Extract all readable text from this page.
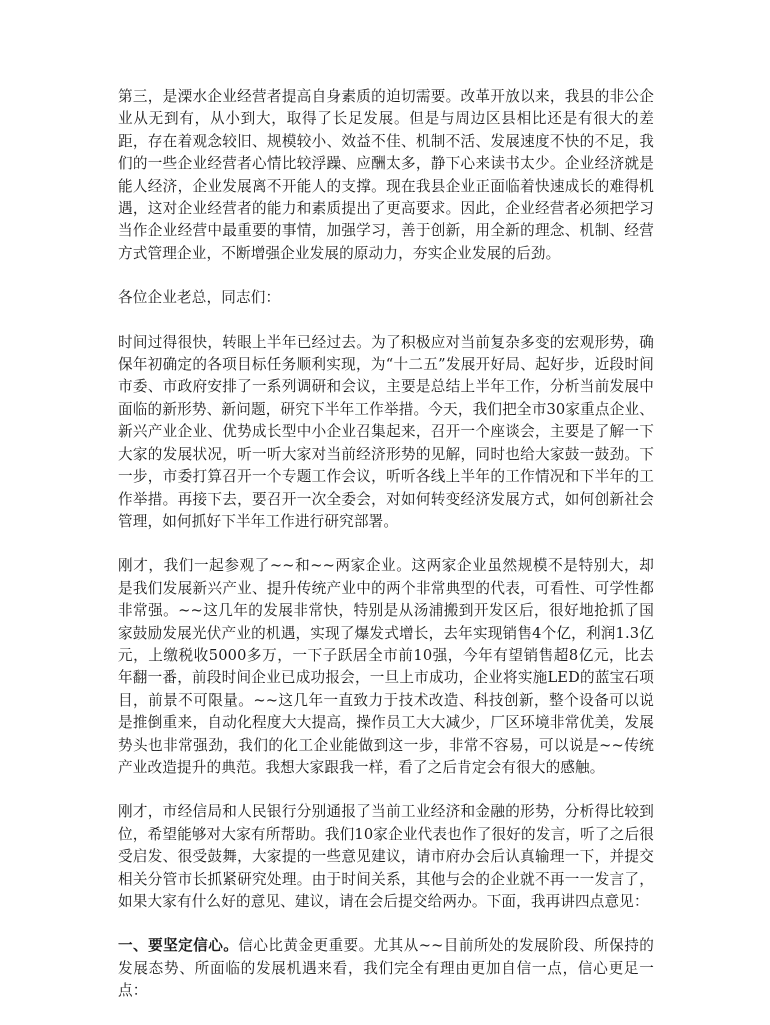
第三，是溧水企业经营者提高自身素质的迫切需要。改革开放以来，我县的非公企业从无到有，从小到大，取得了长足发展。但是与周边区县相比还是有很大的差距，存在着观念较旧、规模较小、效益不佳、机制不活、发展速度不快的不足，我们的一些企业经营者心情比较浮躁、应酬太多，静下心来读书太少。企业经济就是能人经济，企业发展离不开能人的支撑。现在我县企业正面临着快速成长的难得机遇，这对企业经营者的能力和素质提出了更高要求。因此，企业经营者必须把学习当作企业经营中最重要的事情，加强学习，善于创新，用全新的理念、机制、经营方式管理企业，不断增强企业发展的原动力，夯实企业发展的后劲。

各位企业老总，同志们：

时间过得很快，转眼上半年已经过去。为了积极应对当前复杂多变的宏观形势，确保年初确定的各项目标任务顺利实现，为“十二五”发展开好局、起好步，近段时间市委、市政府安排了一系列调研和会议，主要是总结上半年工作，分析当前发展中面临的新形势、新问题，研究下半年工作举措。今天，我们把全市30家重点企业、新兴产业企业、优势成长型中小企业召集起来，召开一个座谈会，主要是了解一下大家的发展状况，听一听大家对当前经济形势的见解，同时也给大家鼓一鼓劲。下一步，市委打算召开一个专题工作会议，听听各线上半年的工作情况和下半年的工作举措。再接下去，要召开一次全委会，对如何转变经济发展方式，如何创新社会管理，如何抓好下半年工作进行研究部署。

刚才，我们一起参观了~~和~~两家企业。这两家企业虽然规模不是特别大，却是我们发展新兴产业、提升传统产业中的两个非常典型的代表，可看性、可学性都非常强。~~这几年的发展非常快，特别是从汤浦搬到开发区后，很好地抢抓了国家鼓励发展光伏产业的机遇，实现了爆发式增长，去年实现销售4个亿，利润1.3亿元，上缴税收5000多万，一下子跃居全市前10强，今年有望销售超8亿元，比去年翻一番，前段时间企业已成功报会，一旦上市成功，企业将实施LED的蓝宝石项目，前景不可限量。~~这几年一直致力于技术改造、科技创新，整个设备可以说是推倒重来，自动化程度大大提高，操作员工大大减少，厂区环境非常优美，发展势头也非常强劲，我们的化工企业能做到这一步，非常不容易，可以说是~~传统产业改造提升的典范。我想大家跟我一样，看了之后肯定会有很大的感触。

刚才，市经信局和人民银行分别通报了当前工业经济和金融的形势，分析得比较到位，希望能够对大家有所帮助。我们10家企业代表也作了很好的发言，听了之后很受启发、很受鼓舞，大家提的一些意见建议，请市府办会后认真输理一下，并提交相关分管市长抓紧研究处理。由于时间关系，其他与会的企业就不再一一发言了，如果大家有什么好的意见、建议，请在会后提交给两办。下面，我再讲四点意见：

一、要坚定信心。信心比黄金更重要。尤其从~~目前所处的发展阶段、所保持的发展态势、所面临的发展机遇来看，我们完全有理由更加自信一点，信心更足一点：
